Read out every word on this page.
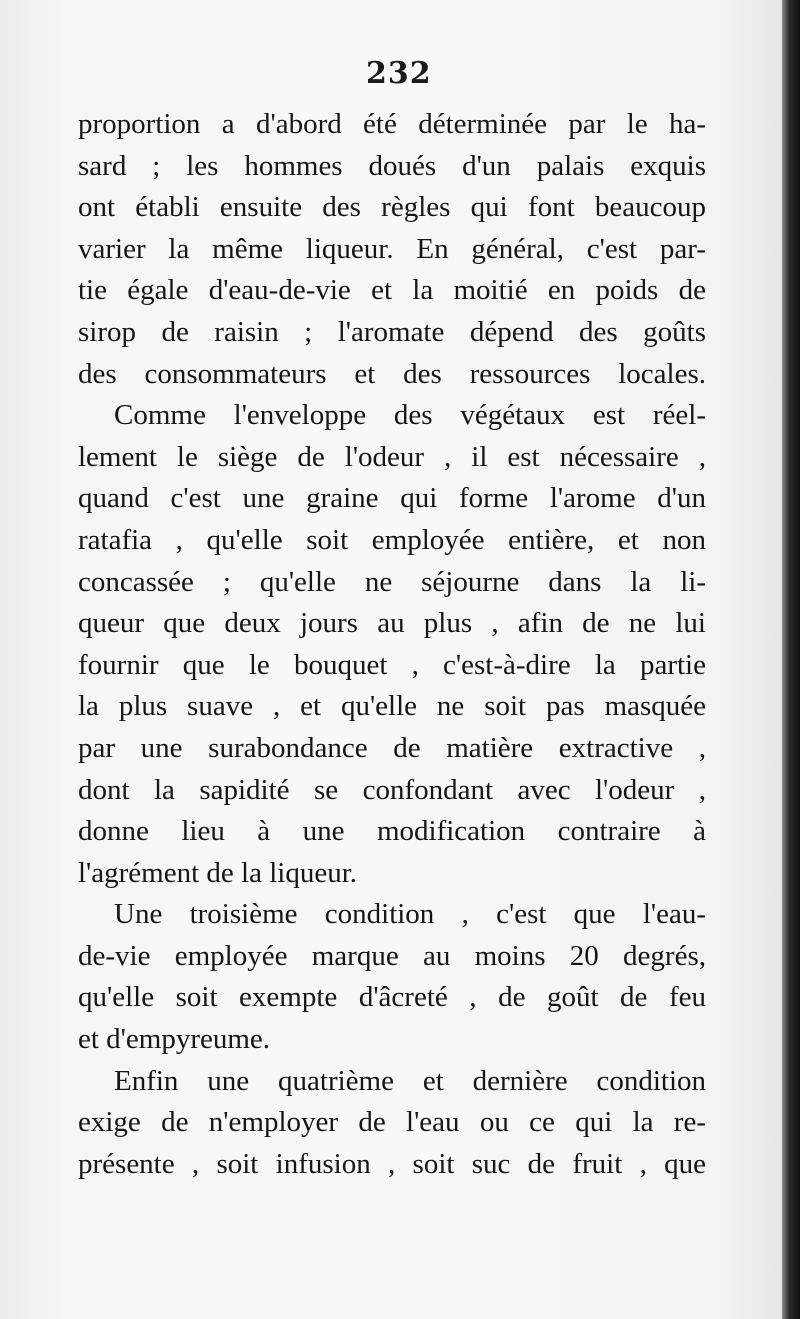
232

proportion a d'abord été déterminée par le ha-
sard ; les hommes doués d'un palais exquis
ont établi ensuite des règles qui font beaucoup
varier la même liqueur. En général, c'est par-
tie égale d'eau-de-vie et la moitié en poids de
sirop de raisin ; l'aromate dépend des goûts
des consommateurs et des ressources locales.

Comme l'enveloppe des végétaux est réel-
lement le siège de l'odeur , il est nécessaire ,
quand c'est une graine qui forme l'arome d'un
ratafia , qu'elle soit employée entière, et non
concassée ; qu'elle ne séjourne dans la li-
queur que deux jours au plus , afin de ne lui
fournir que le bouquet , c'est-à-dire la partie
la plus suave , et qu'elle ne soit pas masquée
par une surabondance de matière extractive ,
dont la sapidité se confondant avec l'odeur ,
donne lieu à une modification contraire à
l'agrément de la liqueur.

Une troisième condition , c'est que l'eau-
de-vie employée marque au moins 20 degrés,
qu'elle soit exempte d'âcreté , de goût de feu
et d'empyreume.

Enfin une quatrième et dernière condition
exige de n'employer de l'eau ou ce qui la re-
présente , soit infusion , soit suc de fruit , que
